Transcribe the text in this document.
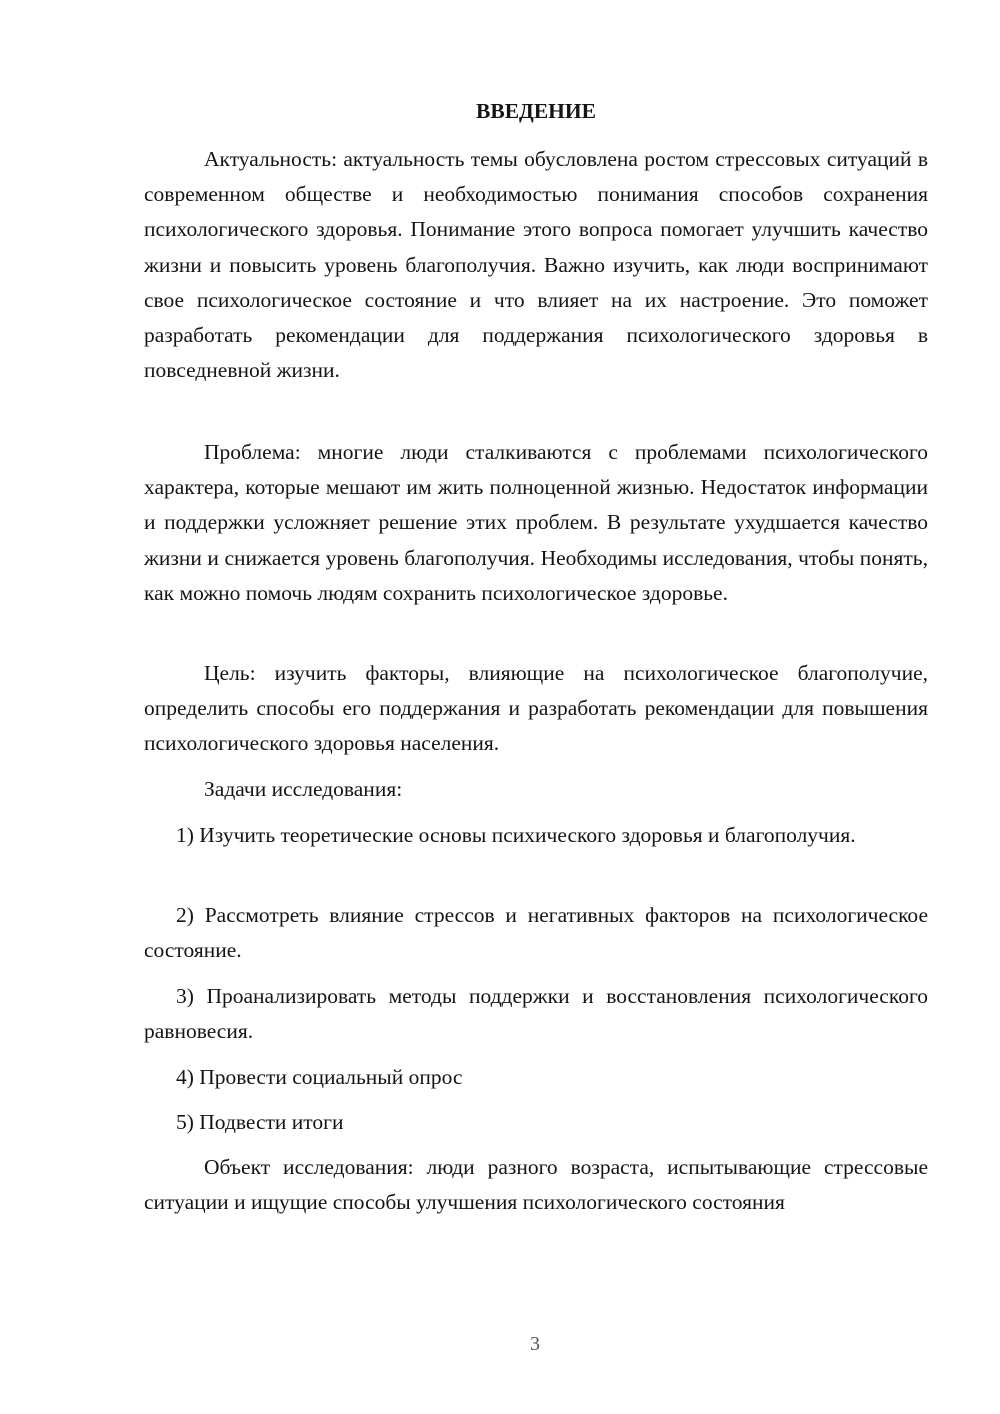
ВВЕДЕНИЕ

Актуальность: актуальность темы обусловлена ростом стрессовых ситуаций в современном обществе и необходимостью понимания способов сохранения психологического здоровья. Понимание этого вопроса помогает улучшить качество жизни и повысить уровень благополучия. Важно изучить, как люди воспринимают свое психологическое состояние и что влияет на их настроение. Это поможет разработать рекомендации для поддержания психологического здоровья в повседневной жизни.

Проблема: многие люди сталкиваются с проблемами психологического характера, которые мешают им жить полноценной жизнью. Недостаток информации и поддержки усложняет решение этих проблем. В результате ухудшается качество жизни и снижается уровень благополучия. Необходимы исследования, чтобы понять, как можно помочь людям сохранить психологическое здоровье.

Цель: изучить факторы, влияющие на психологическое благополучие, определить способы его поддержания и разработать рекомендации для повышения психологического здоровья населения.

Задачи исследования:

1) Изучить теоретические основы психического здоровья и благополучия.

2) Рассмотреть влияние стрессов и негативных факторов на психологическое состояние.

3) Проанализировать методы поддержки и восстановления психологического равновесия.

4) Провести социальный опрос

5) Подвести итоги

Объект исследования: люди разного возраста, испытывающие стрессовые ситуации и ищущие способы улучшения психологического состояния

3
